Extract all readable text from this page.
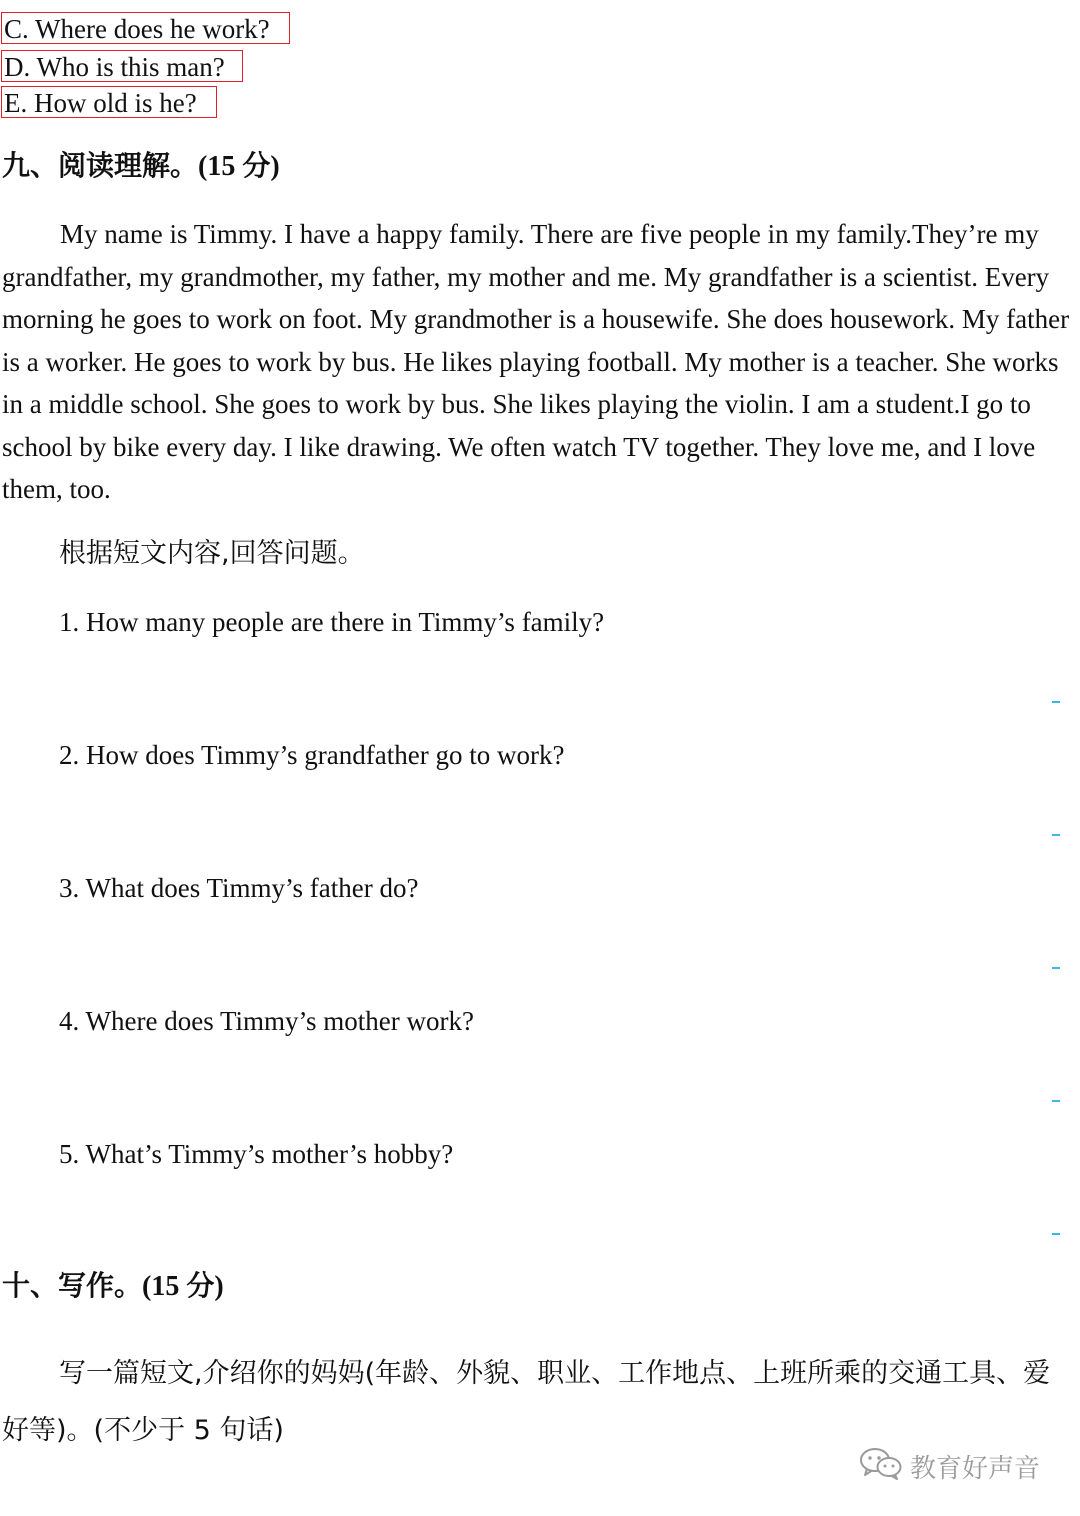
C. Where does he work?
D. Who is this man?
E. How old is he?
九、阅读理解。(15 分)

My name is Timmy. I have a happy family. There are five people in my family.They’re my grandfather, my grandmother, my father, my mother and me. My grandfather is a scientist. Every morning he goes to work on foot. My grandmother is a housewife. She does housework. My father is a worker. He goes to work by bus. He likes playing football. My mother is a teacher. She works in a middle school. She goes to work by bus. She likes playing the violin. I am a student.I go to school by bike every day. I like drawing. We often watch TV together. They love me, and I love them, too.

根据短文内容,回答问题。
1. How many people are there in Timmy’s family?
2. How does Timmy’s grandfather go to work?
3. What does Timmy’s father do?
4. Where does Timmy’s mother work?
5. What’s Timmy’s mother’s hobby?
十、写作。(15 分)

写一篇短文,介绍你的妈妈(年龄、外貌、职业、工作地点、上班所乘的交通工具、爱好等)。(不少于 5 句话)

教育好声音
